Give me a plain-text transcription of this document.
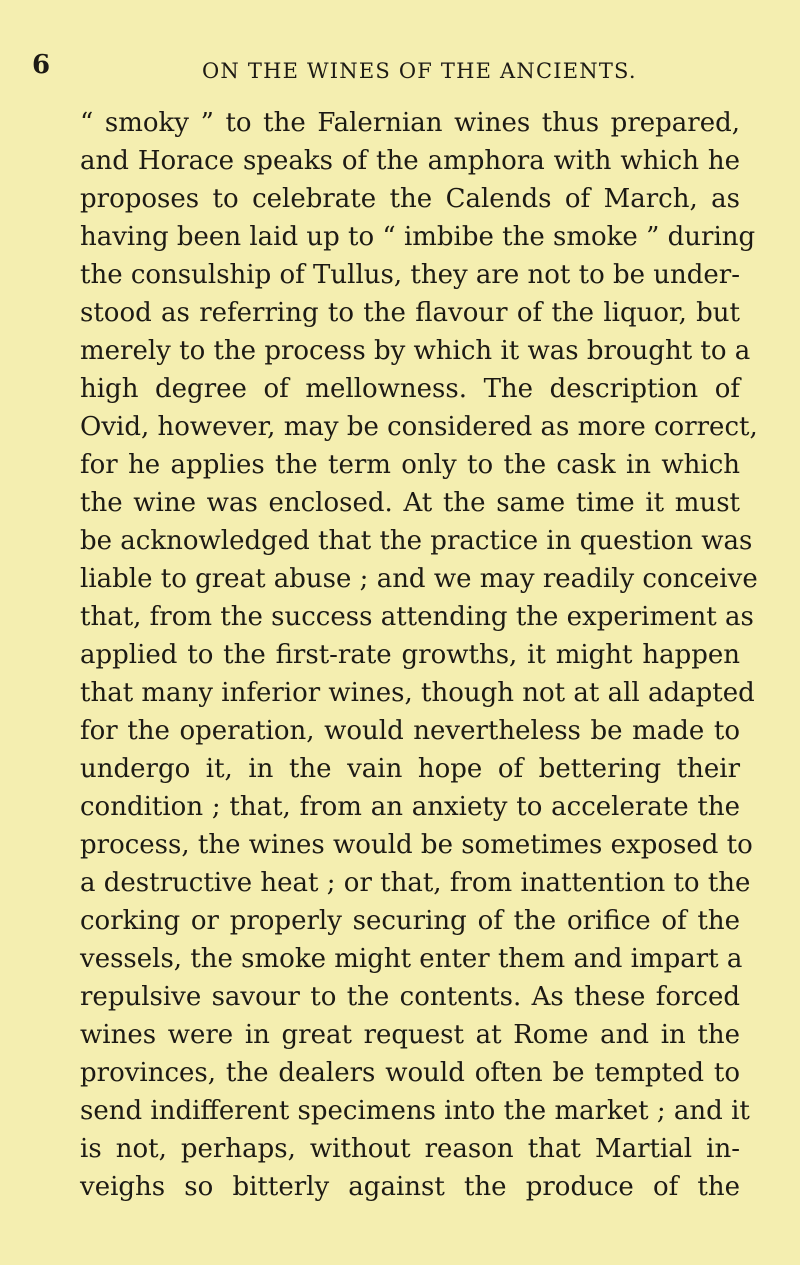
6	ON THE WINES OF THE ANCIENTS.
“ smoky ” to the Falernian wines thus prepared,
and Horace speaks of the amphora with which he
proposes to celebrate the Calends of March, as
having been laid up to “ imbibe the smoke ” during
the consulship of Tullus, they are not to be under-
stood as referring to the flavour of the liquor, but
merely to the process by which it was brought to a
high degree of mellowness. The description of
Ovid, however, may be considered as more correct,
for he applies the term only to the cask in which
the wine was enclosed. At the same time it must
be acknowledged that the practice in question was
liable to great abuse ; and we may readily conceive
that, from the success attending the experiment as
applied to the first-rate growths, it might happen
that many inferior wines, though not at all adapted
for the operation, would nevertheless be made to
undergo it, in the vain hope of bettering their
condition ; that, from an anxiety to accelerate the
process, the wines would be sometimes exposed to
a destructive heat ; or that, from inattention to the
corking or properly securing of the orifice of the
vessels, the smoke might enter them and impart a
repulsive savour to the contents. As these forced
wines were in great request at Rome and in the
provinces, the dealers would often be tempted to
send indifferent specimens into the market ; and it
is not, perhaps, without reason that Martial in-
veighs so bitterly against the produce of the
